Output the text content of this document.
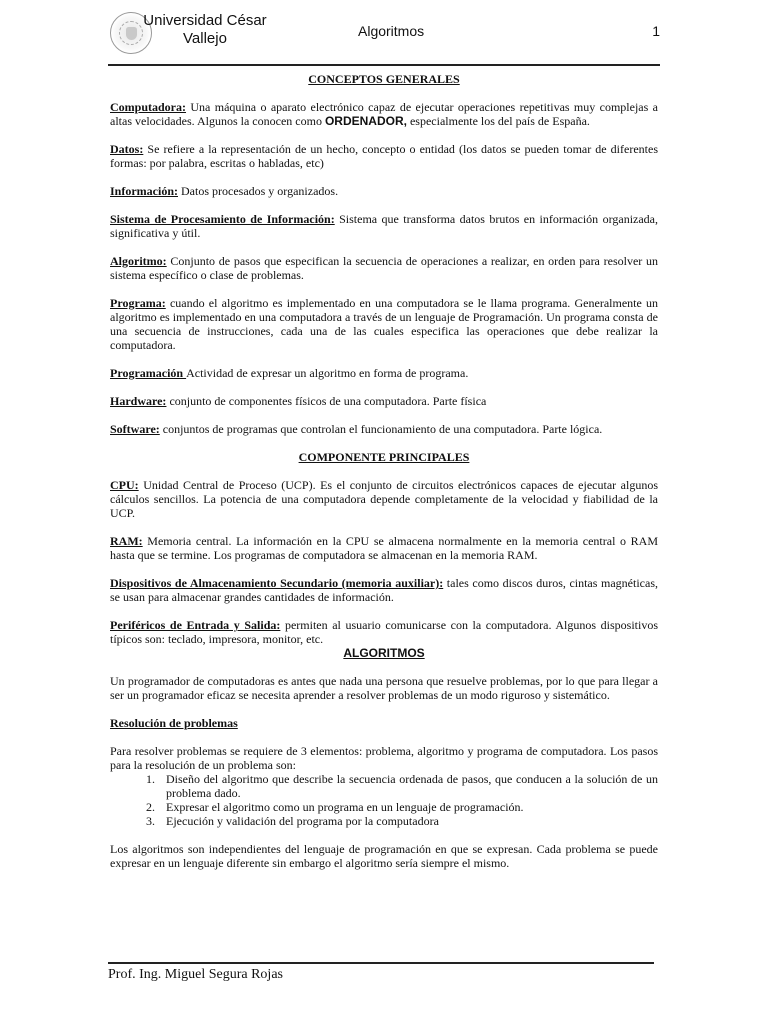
Universidad César
Vallejo	Algoritmos	1

CONCEPTOS GENERALES

Computadora: Una máquina o aparato electrónico capaz de ejecutar operaciones repetitivas muy complejas a altas velocidades. Algunos la conocen como ORDENADOR, especialmente los del país de España.

Datos: Se refiere a la representación de un hecho, concepto o entidad (los datos se pueden tomar de diferentes formas: por palabra, escritas o habladas, etc)

Información: Datos procesados y organizados.

Sistema de Procesamiento de Información: Sistema que transforma datos brutos en información organizada, significativa y útil.

Algoritmo: Conjunto de pasos que especifican la secuencia de operaciones a realizar, en orden para resolver un sistema específico o clase de problemas.

Programa: cuando el algoritmo es implementado en una computadora se le llama programa. Generalmente un algoritmo es implementado en una computadora a través de un lenguaje de Programación. Un programa consta de una secuencia de instrucciones, cada una de las cuales especifica las operaciones que debe realizar la computadora.

Programación Actividad de expresar un algoritmo en forma de programa.

Hardware: conjunto de componentes físicos de una computadora. Parte física

Software: conjuntos de programas que controlan el funcionamiento de una computadora. Parte lógica.

COMPONENTE PRINCIPALES

CPU: Unidad Central de Proceso (UCP). Es el conjunto de circuitos electrónicos capaces de ejecutar algunos cálculos sencillos. La potencia de una computadora depende completamente de la velocidad y fiabilidad de la UCP.

RAM: Memoria central. La información en la CPU se almacena normalmente en la memoria central o RAM hasta que se termine. Los programas de computadora se almacenan en la memoria RAM.

Dispositivos de Almacenamiento Secundario (memoria auxiliar): tales como discos duros, cintas magnéticas, se usan para almacenar grandes cantidades de información.

Periféricos de Entrada y Salida: permiten al usuario comunicarse con la computadora. Algunos dispositivos típicos son: teclado, impresora, monitor, etc.

ALGORITMOS

Un programador de computadoras es antes que nada una persona que resuelve problemas, por lo que para llegar a ser un programador eficaz se necesita aprender a resolver problemas de un modo riguroso y sistemático.

Resolución de problemas

Para resolver problemas se requiere de 3 elementos: problema, algoritmo y programa de computadora. Los pasos para la resolución de un problema son:

1. Diseño del algoritmo que describe la secuencia ordenada de pasos, que conducen a la solución de un problema dado.
2. Expresar el algoritmo como un programa en un lenguaje de programación.
3. Ejecución y validación del programa por la computadora

Los algoritmos son independientes del lenguaje de programación en que se expresan. Cada problema se puede expresar en un lenguaje diferente sin embargo el algoritmo sería siempre el mismo.

Prof. Ing. Miguel Segura Rojas
